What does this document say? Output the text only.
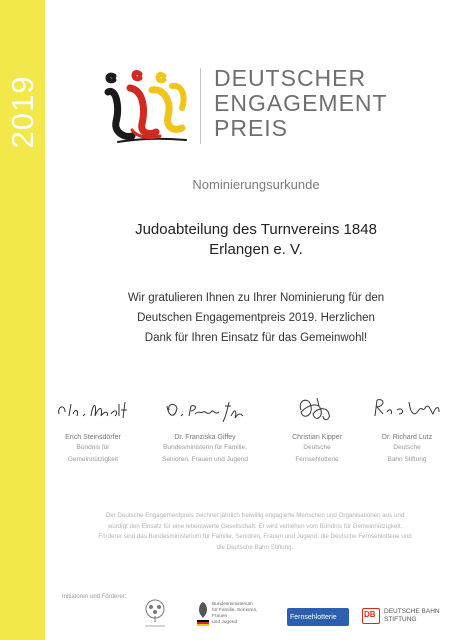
2019	DEUTSCHER
ENGAGEMENT
PREIS
Nominierungsurkunde
Judoabteilung des Turnvereins 1848
Erlangen e. V.
Wir gratulieren Ihnen zu Ihrer Nominierung für den
Deutschen Engagementpreis 2019. Herzlichen
Dank für Ihren Einsatz für das Gemeinwohl!
Erich Steinsdörfer
Bündnis für
Gemeinnützigkeit
Dr. Franziska Giffey
Bundesministerin für Familie,
Senioren, Frauen und Jugend
Christian Kipper
Deutsche
Fernsehlotterie
Dr. Richard Lutz
Deutsche
Bahn Stiftung
Der Deutsche Engagementpreis zeichnet jährlich freiwillig engagierte Menschen und Organisationen aus und
würdigt den Einsatz für eine lebenswerte Gesellschaft. Er wird verliehen vom Bündnis für Gemeinnützigkeit.
Förderer sind das Bundesministerium für Familie, Senioren, Frauen und Jugend, die Deutsche Fernsehlotterie und
die Deutsche Bahn Stiftung.
Initiatoren und Förderer:
Bundesministerium
für Familie, Senioren, Frauen
und Jugend
Fernsehlotterie	DB DEUTSCHE BAHN
STIFTUNG
